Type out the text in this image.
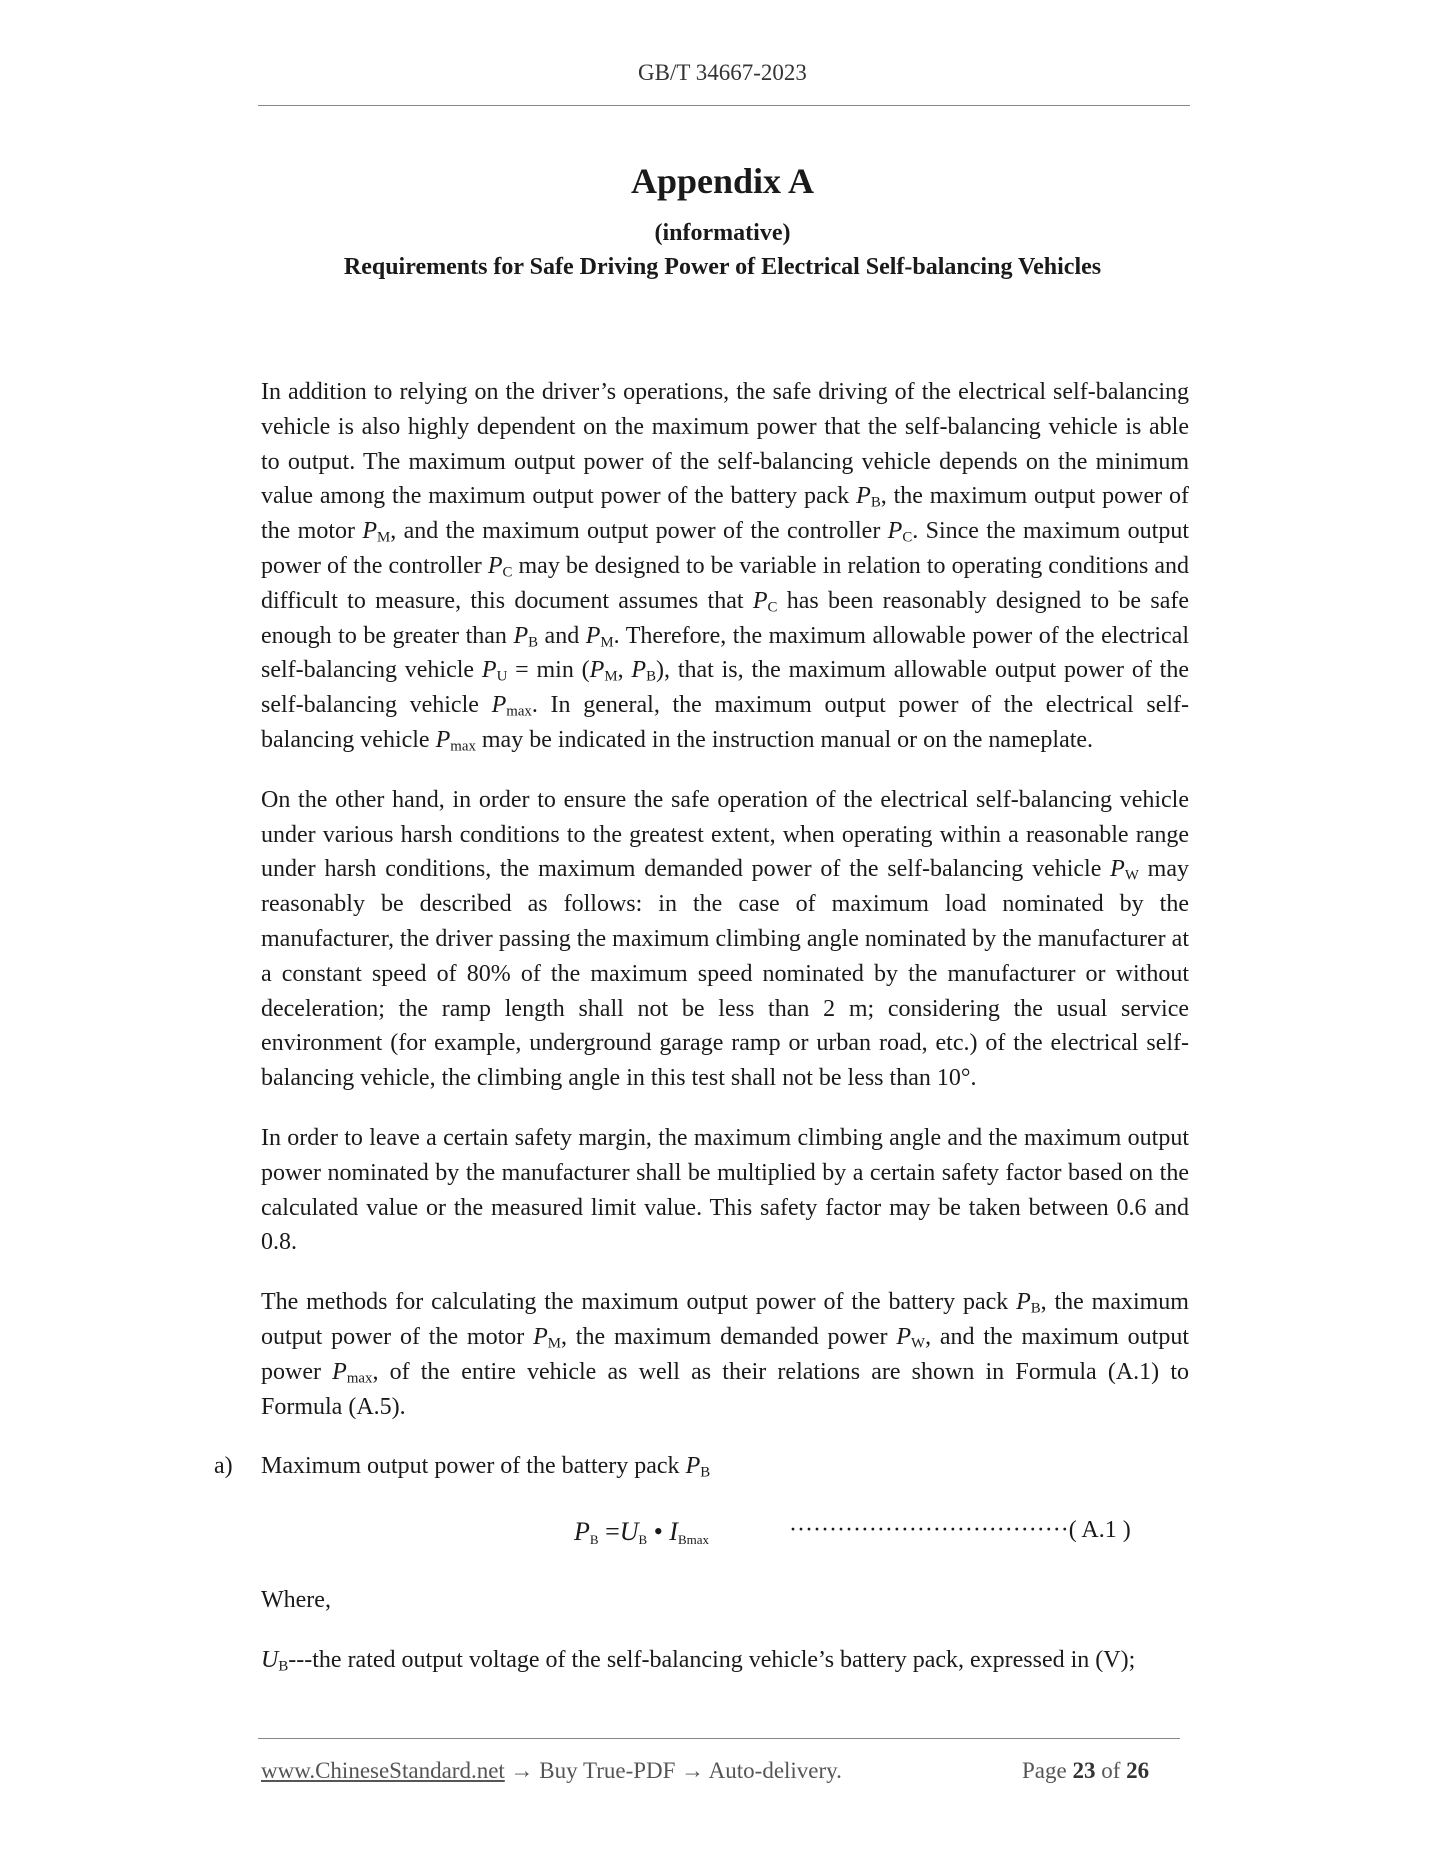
GB/T 34667-2023
Appendix A
(informative)
Requirements for Safe Driving Power of Electrical Self-balancing Vehicles

In addition to relying on the driver’s operations, the safe driving of the electrical self-balancing vehicle is also highly dependent on the maximum power that the self-balancing vehicle is able to output. The maximum output power of the self-balancing vehicle depends on the minimum value among the maximum output power of the battery pack $P_B$, the maximum output power of the motor $P_M$, and the maximum output power of the controller $P_C$. Since the maximum output power of the controller $P_C$ may be designed to be variable in relation to operating conditions and difficult to measure, this document assumes that $P_C$ has been reasonably designed to be safe enough to be greater than $P_B$ and $P_M$. Therefore, the maximum allowable power of the electrical self-balancing vehicle $P_U = \min (P_M$, $P_B$), that is, the maximum allowable output power of the self-balancing vehicle $P_{max}$. In general, the maximum output power of the electrical self-balancing vehicle $P_{max}$ may be indicated in the instruction manual or on the nameplate.

On the other hand, in order to ensure the safe operation of the electrical self-balancing vehicle under various harsh conditions to the greatest extent, when operating within a reasonable range under harsh conditions, the maximum demanded power of the self-balancing vehicle $P_W$ may reasonably be described as follows: in the case of maximum load nominated by the manufacturer, the driver passing the maximum climbing angle nominated by the manufacturer at a constant speed of 80% of the maximum speed nominated by the manufacturer or without deceleration; the ramp length shall not be less than 2 m; considering the usual service environment (for example, underground garage ramp or urban road, etc.) of the electrical self-balancing vehicle, the climbing angle in this test shall not be less than 10°.

In order to leave a certain safety margin, the maximum climbing angle and the maximum output power nominated by the manufacturer shall be multiplied by a certain safety factor based on the calculated value or the measured limit value. This safety factor may be taken between 0.6 and 0.8.

The methods for calculating the maximum output power of the battery pack $P_B$, the maximum output power of the motor $P_M$, the maximum demanded power $P_W$, and the maximum output power $P_{max}$, of the entire vehicle as well as their relations are shown in Formula (A.1) to Formula (A.5).

a) Maximum output power of the battery pack $P_B$

PB =UB • IBmax	···································( A.1 )

Where,

$U_B--$-the rated output voltage of the self-balancing vehicle’s battery pack, expressed in (V);

www.ChineseStandard.net → Buy True-PDF → Auto-delivery.	Page 23 of 26
